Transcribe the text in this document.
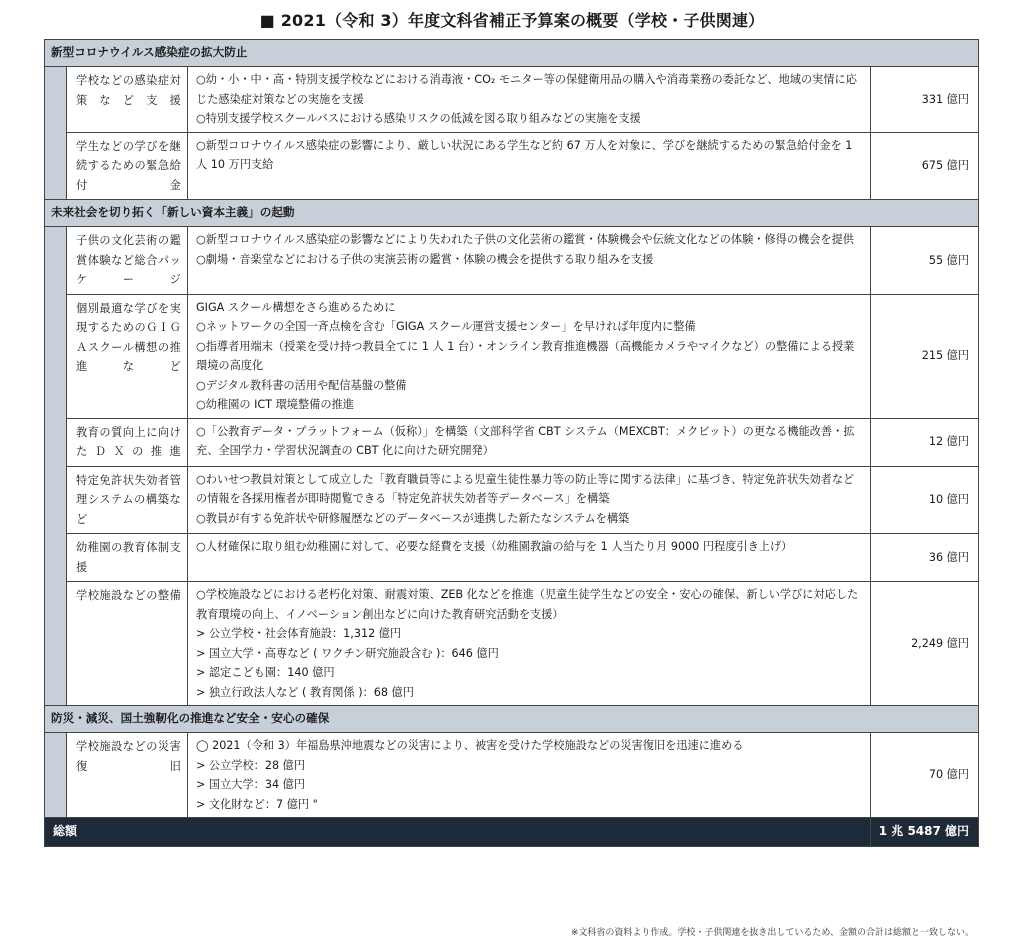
■ 2021（令和 3）年度文科省補正予算案の概要（学校・子供関連）
新型コロナウイルス感染症の拡大防止			
	学校などの感染症対策など支援	○幼・小・中・高・特別支援学校などにおける消毒液・CO₂ モニター等の保健衛用品の購入や消毒業務の委託など、地域の実情に応じた感染症対策などの実施を支援
○特別支援学校スクールバスにおける感染リスクの低減を図る取り組みなどの実施を支援	331 億円
	学生などの学びを継続するための緊急給付金	○新型コロナウイルス感染症の影響により、厳しい状況にある学生など約 67 万人を対象に、学びを継続するための緊急給付金を 1 人 10 万円支給	675 億円
未来社会を切り拓く「新しい資本主義」の起動			
	子供の文化芸術の鑑賞体験など総合パッケージ	○新型コロナウイルス感染症の影響などにより失われた子供の文化芸術の鑑賞・体験機会や伝統文化などの体験・修得の機会を提供
○劇場・音楽堂などにおける子供の実演芸術の鑑賞・体験の機会を提供する取り組みを支援	55 億円
	個別最適な学びを実現するためのＧＩＧＡスクール構想の推進など	GIGA スクール構想をさら進めるために
○ネットワークの全国一斉点検を含む「GIGA スクール運営支援センター」を早ければ年度内に整備
○指導者用端末（授業を受け持つ教員全てに 1 人 1 台）・オンライン教育推進機器（高機能カメラやマイクなど）の整備による授業環境の高度化
○デジタル教科書の活用や配信基盤の整備
○幼稚園の ICT 環境整備の推進	215 億円
	教育の質向上に向けたＤＸの推進	○「公教育データ・プラットフォーム（仮称）」を構築（文部科学省 CBT システム（MEXCBT：メクビット）の更なる機能改善・拡充、全国学力・学習状況調査の CBT 化に向けた研究開発）	12 億円
	特定免許状失効者管理システムの構築など	○わいせつ教員対策として成立した「教育職員等による児童生徒性暴力等の防止等に関する法律」に基づき、特定免許状失効者などの情報を各採用権者が即時閲覧できる「特定免許状失効者等データベース」を構築
○教員が有する免許状や研修履歴などのデータベースが連携した新たなシステムを構築	10 億円
	幼稚園の教育体制支援	○人材確保に取り組む幼稚園に対して、必要な経費を支援（幼稚園教諭の給与を 1 人当たり月 9000 円程度引き上げ）	36 億円
	学校施設などの整備	○学校施設などにおける老朽化対策、耐震対策、ZEB 化などを推進（児童生徒学生などの安全・安心の確保、新しい学びに対応した教育環境の向上、イノベーション創出などに向けた教育研究活動を支援）
> 公立学校・社会体育施設：1,312 億円
> 国立大学・高専など ( ワクチン研究施設含む )：646 億円
> 認定こども園：140 億円
> 独立行政法人など ( 教育関係 )：68 億円	2,249 億円
防災・減災、国土強靭化の推進など安全・安心の確保			
	学校施設などの災害復旧	◯ 2021（令和 3）年福島県沖地震などの災害により、被害を受けた学校施設などの災害復旧を迅速に進める
> 公立学校：28 億円
> 国立大学：34 億円
> 文化財など：7 億円 "	70 億円
総額			1 兆 5487 億円
※文科省の資料より作成。学校・子供関連を抜き出しているため、金額の合計は総額と一致しない。
